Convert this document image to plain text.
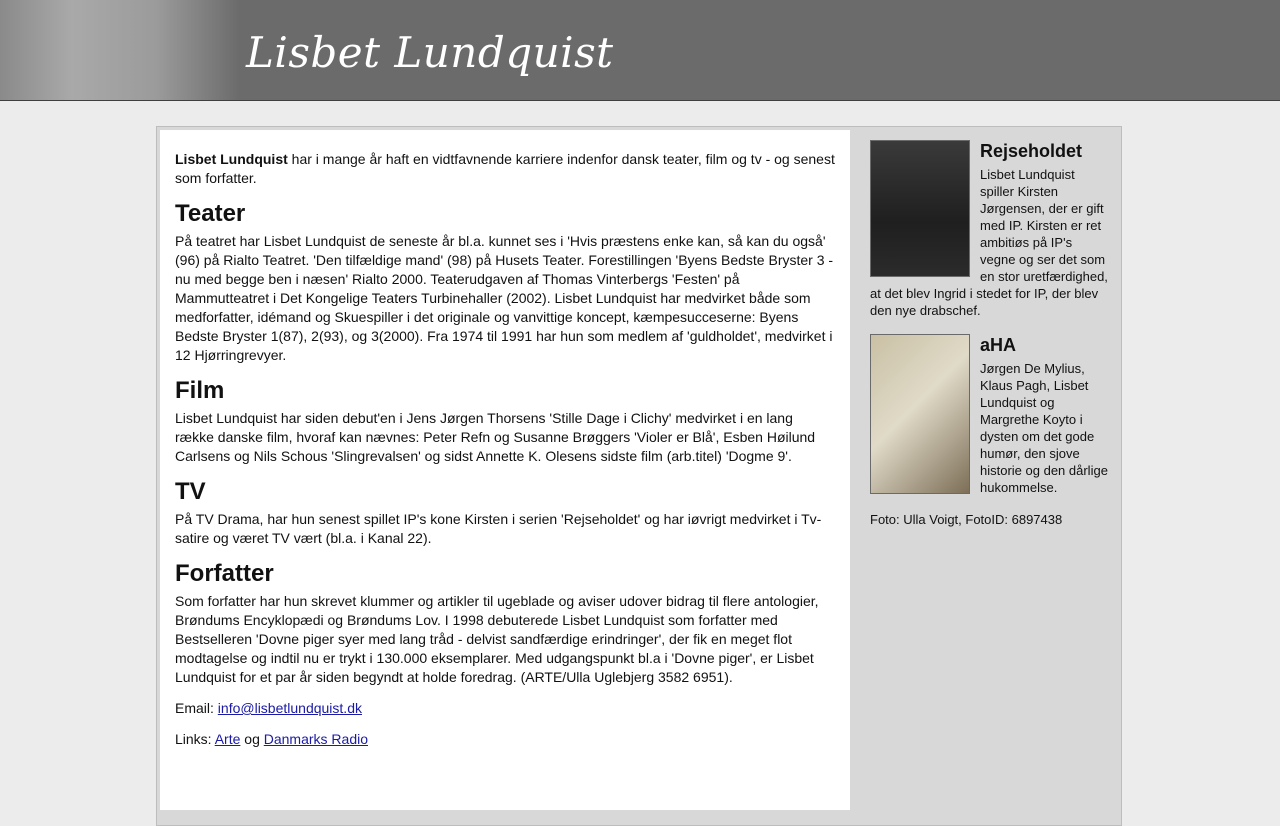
Lisbet Lundquist

Lisbet Lundquist har i mange år haft en vidtfavnende karriere indenfor dansk teater, film og tv - og senest som forfatter.

Teater

På teatret har Lisbet Lundquist de seneste år bl.a. kunnet ses i 'Hvis præstens enke kan, så kan du også' (96) på Rialto Teatret. 'Den tilfældige mand' (98) på Husets Teater. Forestillingen 'Byens Bedste Bryster 3 - nu med begge ben i næsen' Rialto 2000. Teaterudgaven af Thomas Vinterbergs 'Festen' på Mammutteatret i Det Kongelige Teaters Turbinehaller (2002). Lisbet Lundquist har medvirket både som medforfatter, idémand og Skuespiller i det originale og vanvittige koncept, kæmpesucceserne: Byens Bedste Bryster 1(87), 2(93), og 3(2000). Fra 1974 til 1991 har hun som medlem af 'guldholdet', medvirket i 12 Hjørringrevyer.

Film

Lisbet Lundquist har siden debut'en i Jens Jørgen Thorsens 'Stille Dage i Clichy' medvirket i en lang række danske film, hvoraf kan nævnes: Peter Refn og Susanne Brøggers 'Violer er Blå', Esben Høilund Carlsens og Nils Schous 'Slingrevalsen' og sidst Annette K. Olesens sidste film (arb.titel) 'Dogme 9'.

TV

På TV Drama, har hun senest spillet IP's kone Kirsten i serien 'Rejseholdet' og har iøvrigt medvirket i Tv-satire og været TV vært (bl.a. i Kanal 22).

Forfatter

Som forfatter har hun skrevet klummer og artikler til ugeblade og aviser udover bidrag til flere antologier, Brøndums Encyklopædi og Brøndums Lov. I 1998 debuterede Lisbet Lundquist som forfatter med Bestselleren 'Dovne piger syer med lang tråd - delvist sandfærdige erindringer', der fik en meget flot modtagelse og indtil nu er trykt i 130.000 eksemplarer. Med udgangspunkt bl.a i 'Dovne piger', er Lisbet Lundquist for et par år siden begyndt at holde foredrag. (ARTE/Ulla Uglebjerg 3582 6951).

Email: info@lisbetlundquist.dk

Links: Arte og Danmarks Radio

Rejseholdet

Lisbet Lundquist spiller Kirsten Jørgensen, der er gift med IP. Kirsten er ret ambitiøs på IP's vegne og ser det som en stor uretfærdighed, at det blev Ingrid i stedet for IP, der blev den nye drabschef.

aHA

Jørgen De Mylius, Klaus Pagh, Lisbet Lundquist og Margrethe Koyto i dysten om det gode humør, den sjove historie og den dårlige hukommelse.

Foto: Ulla Voigt, FotoID: 6897438
